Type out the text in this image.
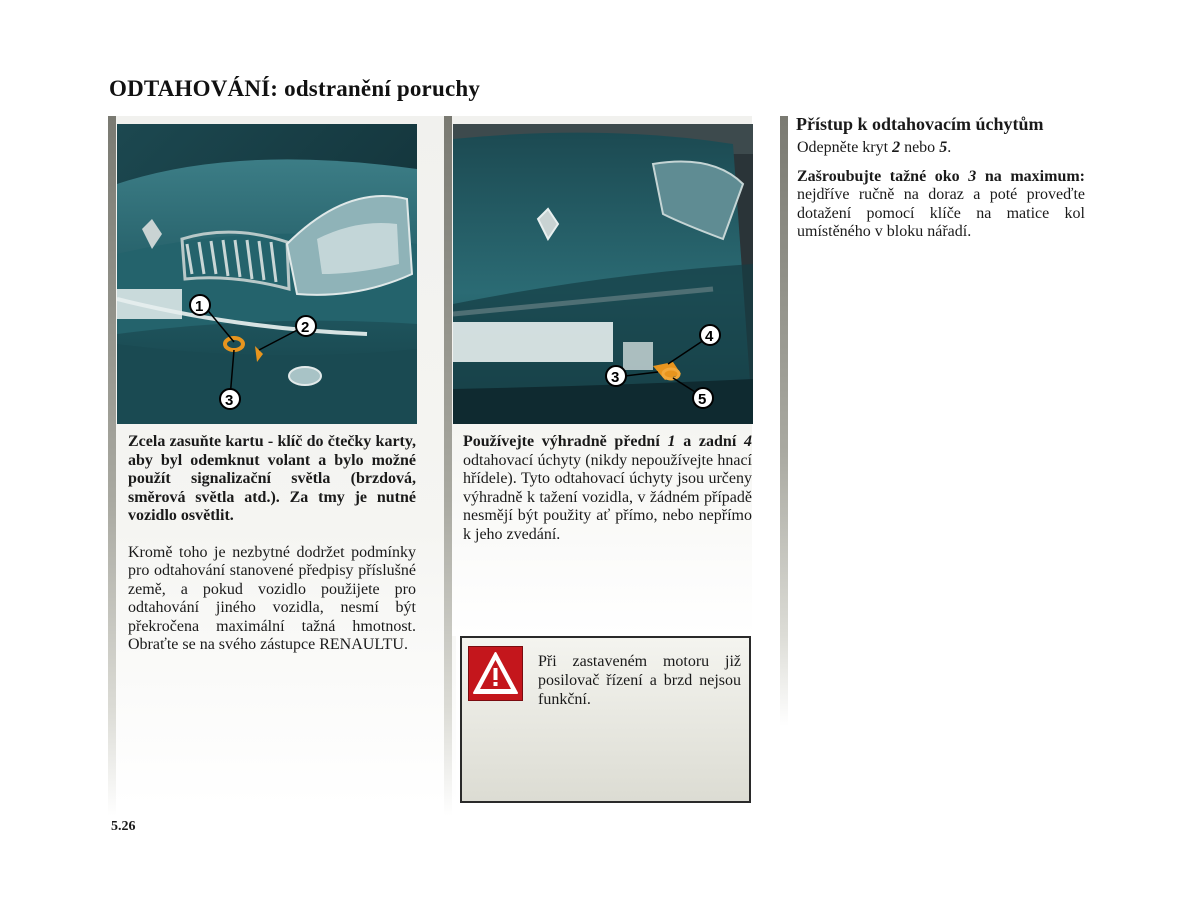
ODTAHOVÁNÍ: odstranění poruchy
1
2
3
4
3
5

Zcela zasuňte kartu - klíč do čtečky karty, aby byl odemknut volant a bylo možné použít signalizační světla (brzdová, směrová světla atd.). Za tmy je nutné vozidlo osvětlit.

Kromě toho je nezbytné dodržet podmínky pro odtahování stanovené předpisy příslušné země, a pokud vozidlo použijete pro odtahování jiného vozidla, nesmí být překročena maximální tažná hmotnost. Obraťte se na svého zástupce RENAULTU.

Používejte výhradně přední 1 a zadní 4 odtahovací úchyty (nikdy nepoužívejte hnací hřídele). Tyto odtahovací úchyty jsou určeny výhradně k tažení vozidla, v žádném případě nesmějí být použity ať přímo, nebo nepřímo k jeho zvedání.

Při zastaveném motoru již posilovač řízení a brzd nejsou funkční.
Přístup k odtahovacím úchytům

Odepněte kryt 2 nebo 5.

Zašroubujte tažné oko 3 na maximum: nejdříve ručně na doraz a poté proveďte dotažení pomocí klíče na matice kol umístěného v bloku nářadí.

5.26
